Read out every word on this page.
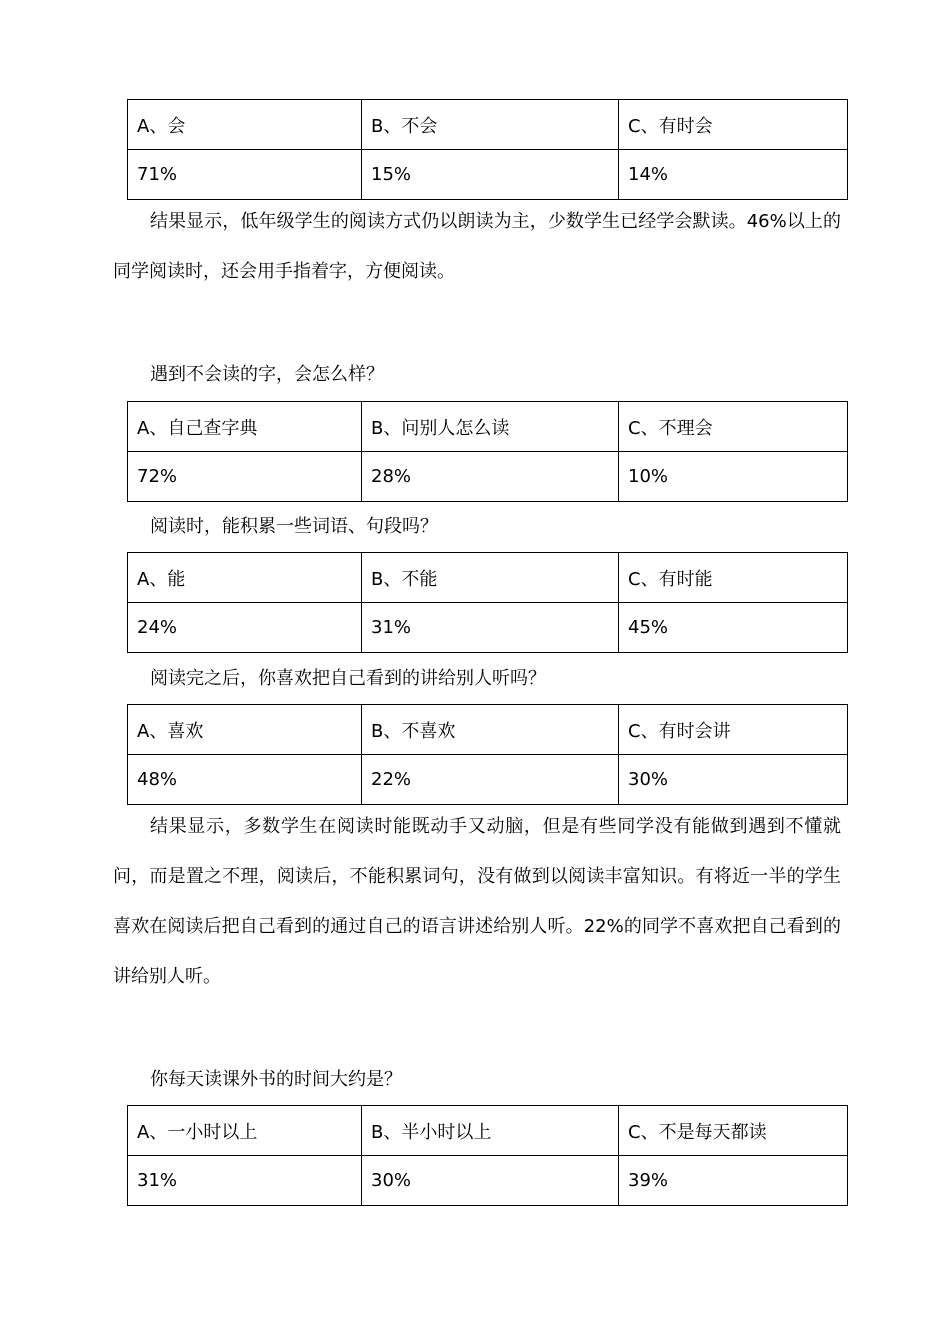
A、会	B、不会	C、有时会
71%	15%	14%
结果显示，低年级学生的阅读方式仍以朗读为主，少数学生已经学会默读。46%以上的同学阅读时，还会用手指着字，方便阅读。
遇到不会读的字，会怎么样？
A、自己查字典	B、问别人怎么读	C、不理会
72%	28%	10%
阅读时，能积累一些词语、句段吗？
A、能	B、不能	C、有时能
24%	31%	45%
阅读完之后，你喜欢把自己看到的讲给别人听吗？
A、喜欢	B、不喜欢	C、有时会讲
48%	22%	30%
结果显示，多数学生在阅读时能既动手又动脑，但是有些同学没有能做到遇到不懂就问，而是置之不理，阅读后，不能积累词句，没有做到以阅读丰富知识。有将近一半的学生喜欢在阅读后把自己看到的通过自己的语言讲述给别人听。22%的同学不喜欢把自己看到的讲给别人听。
你每天读课外书的时间大约是？
A、一小时以上	B、半小时以上	C、不是每天都读
31%	30%	39%
